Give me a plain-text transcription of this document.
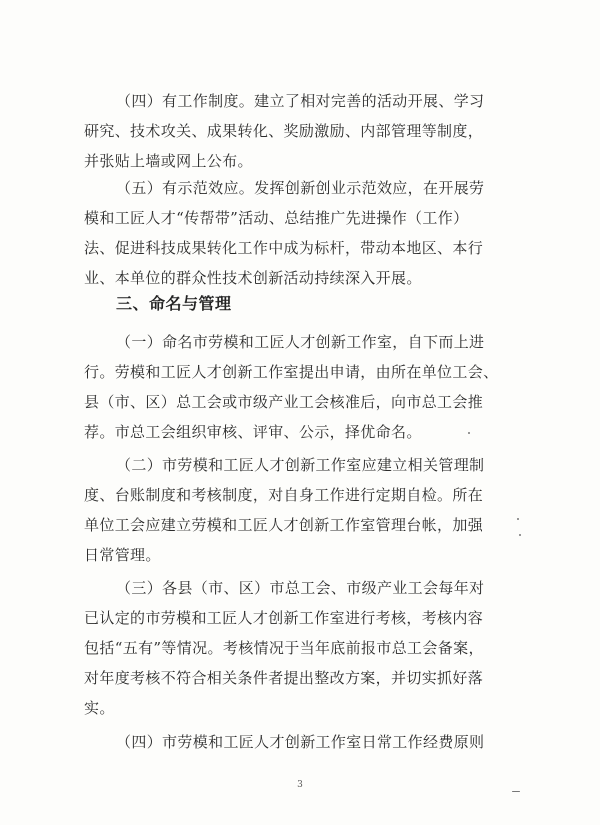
（四）有工作制度。建立了相对完善的活动开展、学习
研究、技术攻关、成果转化、奖励激励、内部管理等制度，
并张贴上墙或网上公布。
（五）有示范效应。发挥创新创业示范效应，在开展劳
模和工匠人才“传帮带”活动、总结推广先进操作（工作）
法、促进科技成果转化工作中成为标杆，带动本地区、本行
业、本单位的群众性技术创新活动持续深入开展。
三、命名与管理
（一）命名市劳模和工匠人才创新工作室，自下而上进
行。劳模和工匠人才创新工作室提出申请，由所在单位工会、
县（市、区）总工会或市级产业工会核准后，向市总工会推
荐。市总工会组织审核、评审、公示，择优命名。
（二）市劳模和工匠人才创新工作室应建立相关管理制
度、台账制度和考核制度，对自身工作进行定期自检。所在
单位工会应建立劳模和工匠人才创新工作室管理台帐，加强
日常管理。
（三）各县（市、区）市总工会、市级产业工会每年对
已认定的市劳模和工匠人才创新工作室进行考核，考核内容
包括“五有”等情况。考核情况于当年底前报市总工会备案，
对年度考核不符合相关条件者提出整改方案，并切实抓好落
实。
（四）市劳模和工匠人才创新工作室日常工作经费原则
3
